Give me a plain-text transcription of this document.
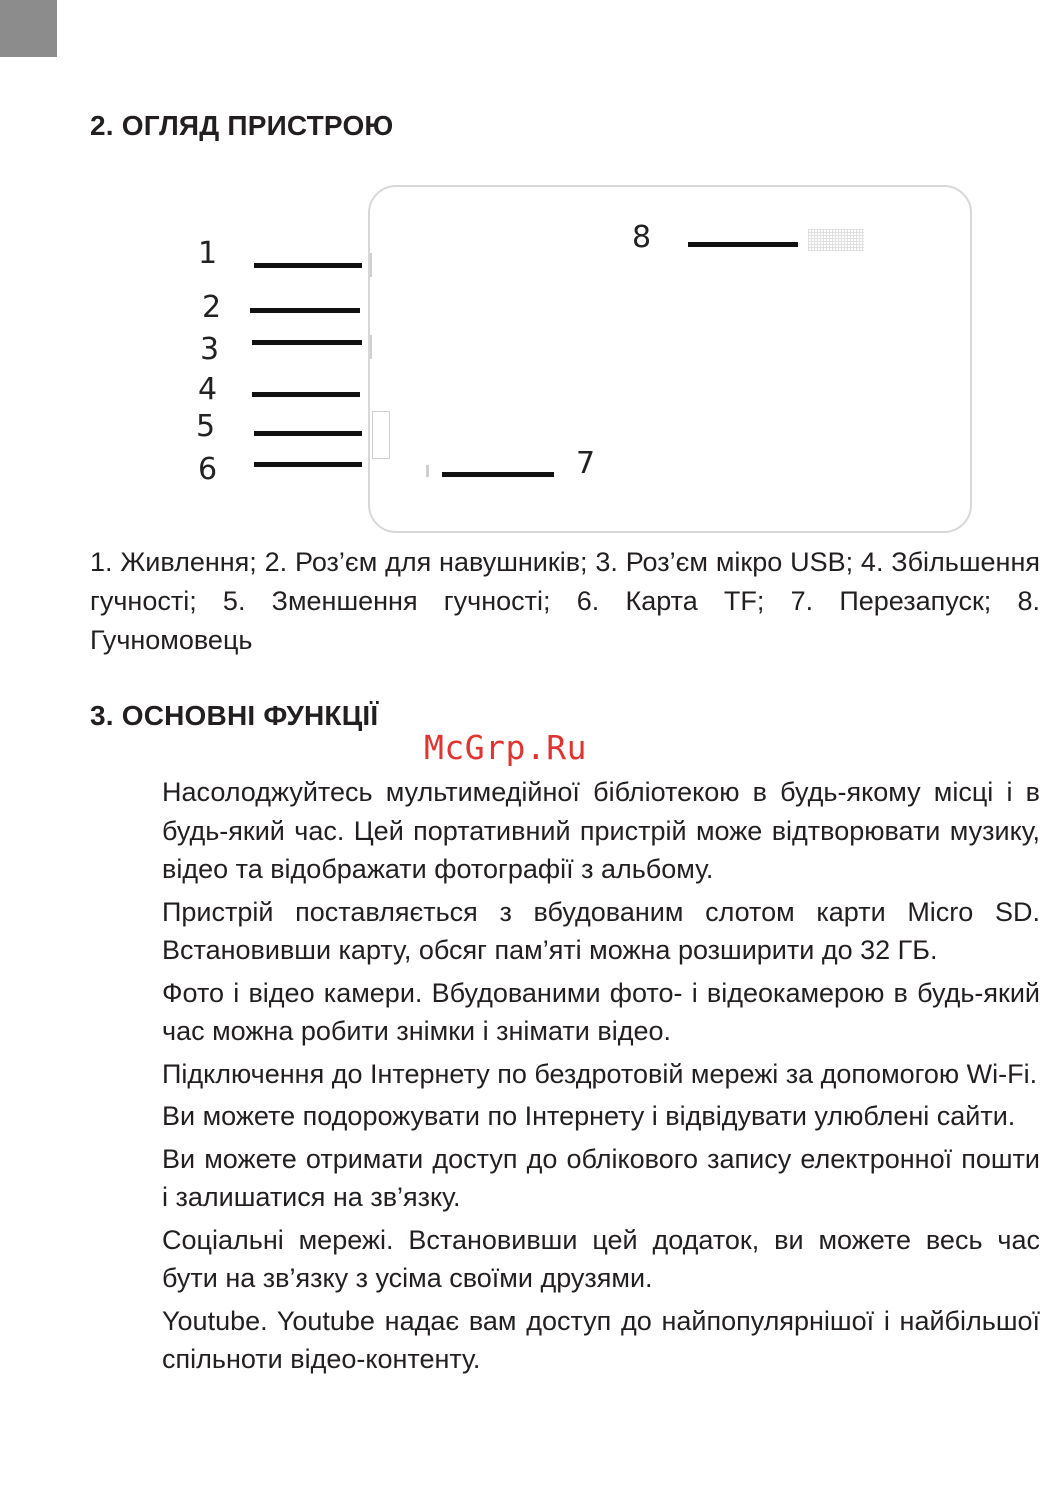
2. ОГЛЯД ПРИСТРОЮ
1
2
3
4
5
6	7
8

1. Живлення; 2. Роз’єм для навушників; 3. Роз’єм мікро USB; 4. Збільшення гучності; 5. Зменшення гучності; 6. Карта TF; 7. Перезапуск; 8. Гучномовець

3. ОСНОВНІ ФУНКЦІЇ

McGrp.Ru

Насолоджуйтесь мультимедійної бібліотекою в будь-якому місці і в будь-який час. Цей портативний пристрій може відтворювати музику, відео та відображати фотографії з альбому.

Пристрій поставляється з вбудованим слотом карти Micro SD. Встановивши карту, обсяг пам’яті можна розширити до 32 ГБ.

Фото і відео камери. Вбудованими фото- і відеокамерою в будь-який час можна робити знімки і знімати відео.

Підключення до Інтернету по бездротовій мережі за допомогою Wi-Fi.

Ви можете подорожувати по Інтернету і відвідувати улюблені сайти.

Ви можете отримати доступ до облікового запису електронної пошти і залишатися на зв’язку.

Соціальні мережі. Встановивши цей додаток, ви можете весь час бути на зв’язку з усіма своїми друзями.

Youtube. Youtube надає вам доступ до найпопулярнішої і найбільшої спільноти відео-контенту.
